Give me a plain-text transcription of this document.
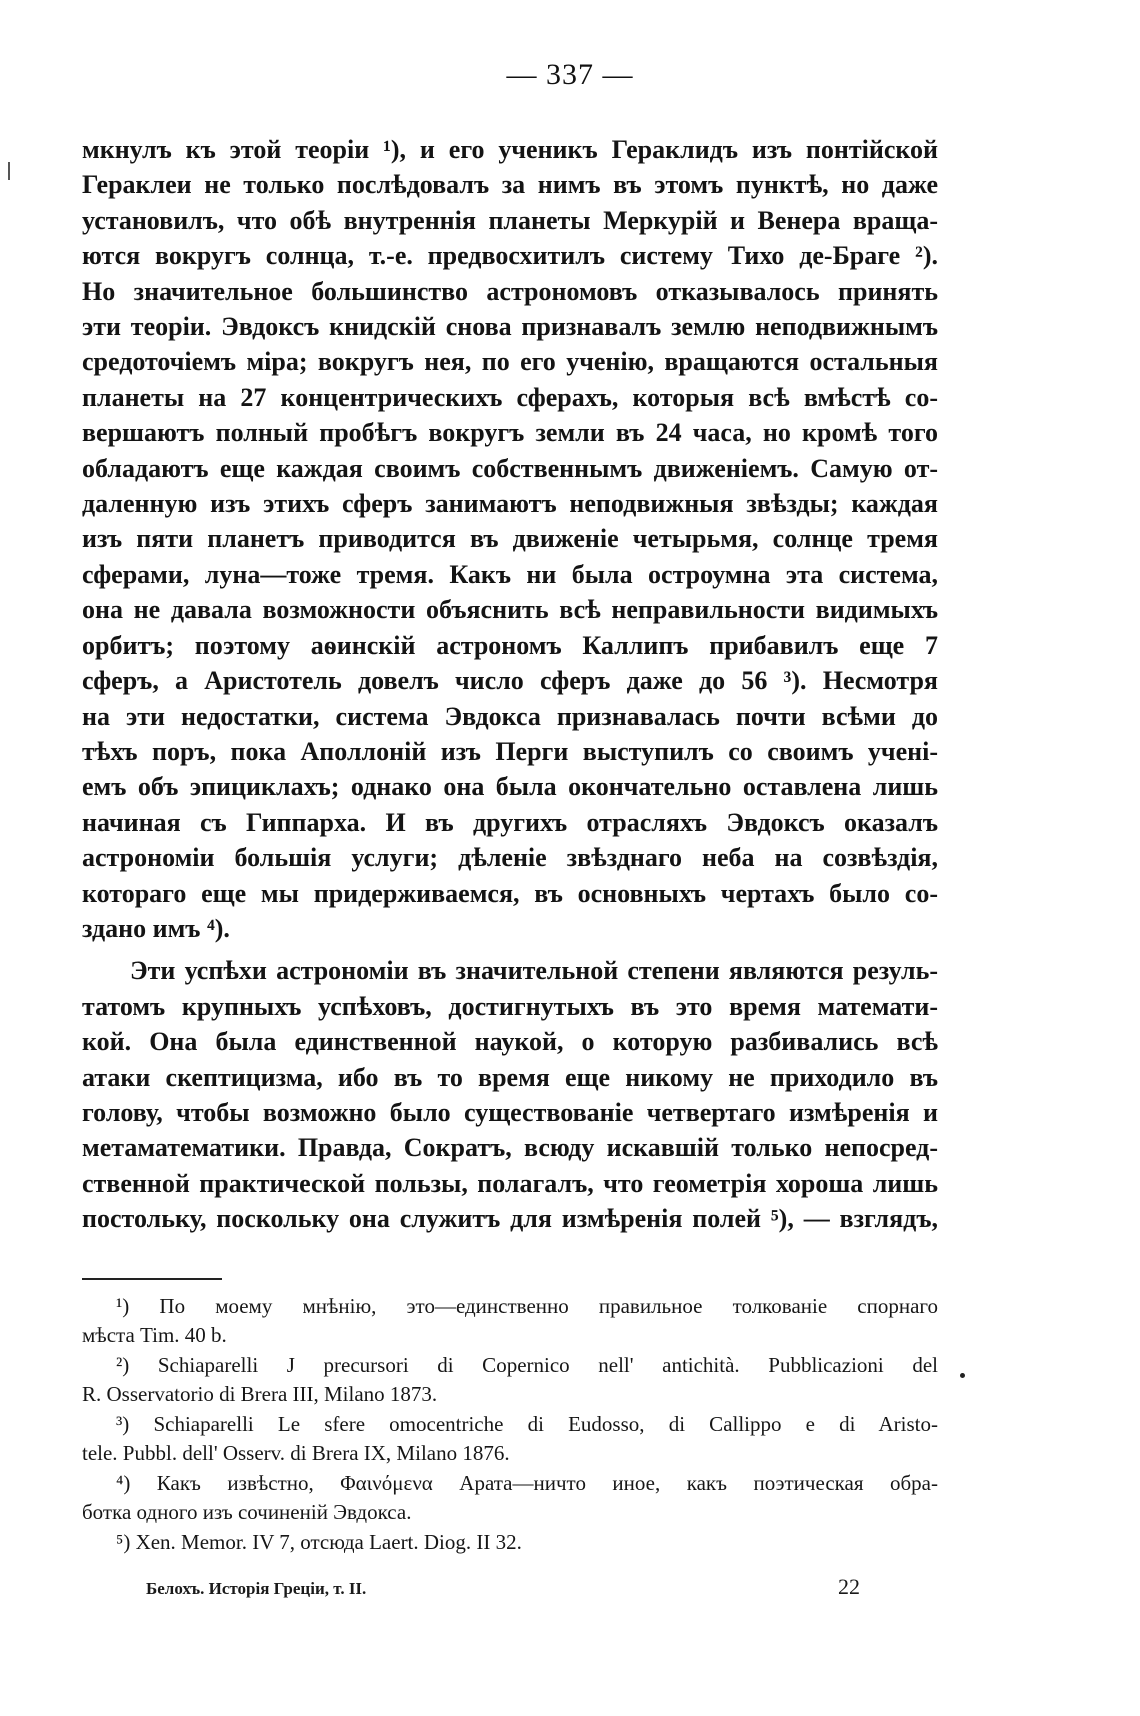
— 337 —
мкнулъ къ этой теоріи ¹), и его ученикъ Гераклидъ изъ понтійской
Гераклеи не только послѣдовалъ за нимъ въ этомъ пунктѣ, но даже
установилъ, что обѣ внутреннія планеты Меркурій и Венера враща-
ются вокругъ солнца, т.-е. предвосхитилъ систему Тихо де-Браге ²).
Но значительное большинство астрономовъ отказывалось принять
эти теоріи. Эвдоксъ книдскій снова признавалъ землю неподвижнымъ
средоточіемъ міра; вокругъ нея, по его ученію, вращаются остальныя
планеты на 27 концентрическихъ сферахъ, которыя всѣ вмѣстѣ со-
вершаютъ полный пробѣгъ вокругъ земли въ 24 часа, но кромѣ того
обладаютъ еще каждая своимъ собственнымъ движеніемъ. Самую от-
даленную изъ этихъ сферъ занимаютъ неподвижныя звѣзды; каждая
изъ пяти планетъ приводится въ движеніе четырьмя, солнце тремя
сферами, луна—тоже тремя. Какъ ни была остроумна эта система,
она не давала возможности объяснить всѣ неправильности видимыхъ
орбитъ; поэтому аѳинскій астрономъ Каллипъ прибавилъ еще 7
сферъ, а Аристотель довелъ число сферъ даже до 56 ³). Несмотря
на эти недостатки, система Эвдокса признавалась почти всѣми до
тѣхъ поръ, пока Аполлоній изъ Перги выступилъ со своимъ ученi-
емъ объ эпициклахъ; однако она была окончательно оставлена лишь
начиная съ Гиппарха. И въ другихъ отрасляхъ Эвдоксъ оказалъ
астрономіи большія услуги; дѣленіе звѣзднаго неба на созвѣздія,
котораго еще мы придерживаемся, въ основныхъ чертахъ было со-
здано имъ ⁴).
Эти успѣхи астрономіи въ значительной степени являются резуль-
татомъ крупныхъ успѣховъ, достигнутыхъ въ это время математи-
кой. Она была единственной наукой, о которую разбивались всѣ
атаки скептицизма, ибо въ то время еще никому не приходило въ
голову, чтобы возможно было существованіе четвертаго измѣренія и
метаматематики. Правда, Сократъ, всюду искавшій только непосред-
ственной практической пользы, полагалъ, что геометрія хороша лишь
постольку, поскольку она служитъ для измѣренія полей ⁵), — взглядъ,
¹) По моему мнѣнію, это—единственно правильное толкованіе спорнаго
мѣста Tim. 40 b.
²) Schiaparelli J precursori di Copernico nell' antichità. Pubblicazioni del
R. Osservatorio di Brera III, Milano 1873.
³) Schiaparelli Le sfere omocentriche di Eudosso, di Callippo e di Aristo-
tele. Pubbl. dell' Osserv. di Brera IX, Milano 1876.
⁴) Какъ извѣстно, Φαινόμενα Арата—ничто иное, какъ поэтическая обра-
ботка одного изъ сочиненій Эвдокса.
⁵) Xen. Memor. IV 7, отсюда Laert. Diog. II 32.
Белохъ. Исторія Греціи, т. II.	22
